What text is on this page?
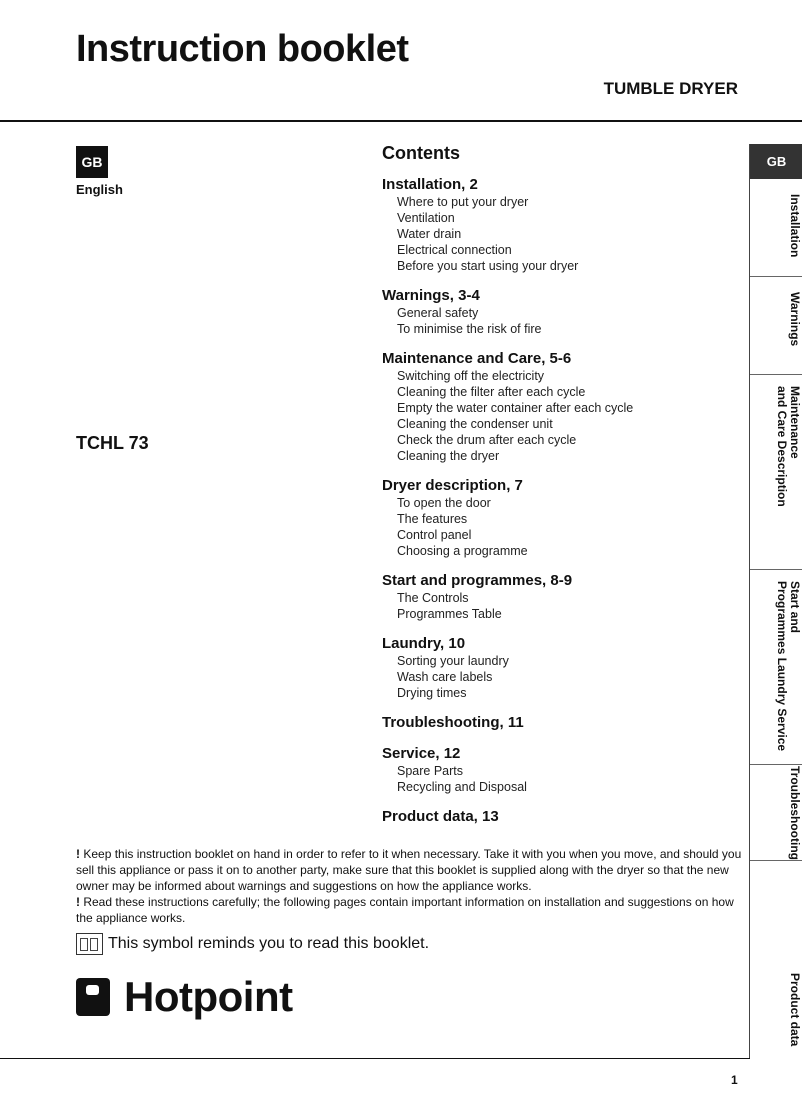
Instruction booklet
TUMBLE DRYER
GB
English
TCHL 73
Contents
Installation, 2
Where to put your dryer
Ventilation
Water drain
Electrical connection
Before you start using your dryer
Warnings, 3-4
General safety
To minimise the risk of fire
Maintenance and Care, 5-6
Switching off the electricity
Cleaning the filter after each cycle
Empty the water container after each cycle
Cleaning the condenser unit
Check the drum after each cycle
Cleaning the dryer
Dryer description, 7
To open the door
The features
Control panel
Choosing a programme
Start and programmes, 8-9
The Controls
Programmes Table
Laundry, 10
Sorting your laundry
Wash care labels
Drying times
Troubleshooting, 11
Service, 12
Spare Parts
Recycling and Disposal
Product data, 13
! Keep this instruction booklet on hand in order to refer to it when necessary. Take it with you when you move, and should you sell this appliance or pass it on to another party, make sure that this booklet is supplied along with the dryer so that the new owner may be informed about warnings and suggestions on how the appliance works.
! Read these instructions carefully; the following pages contain important information on installation and suggestions on how the appliance works.
This symbol reminds you to read this booklet.
Hotpoint
1
GB
Installation
Warnings
Maintenance
and Care Description
Start and
Programmes Laundry Service
Troubleshooting
Product data
